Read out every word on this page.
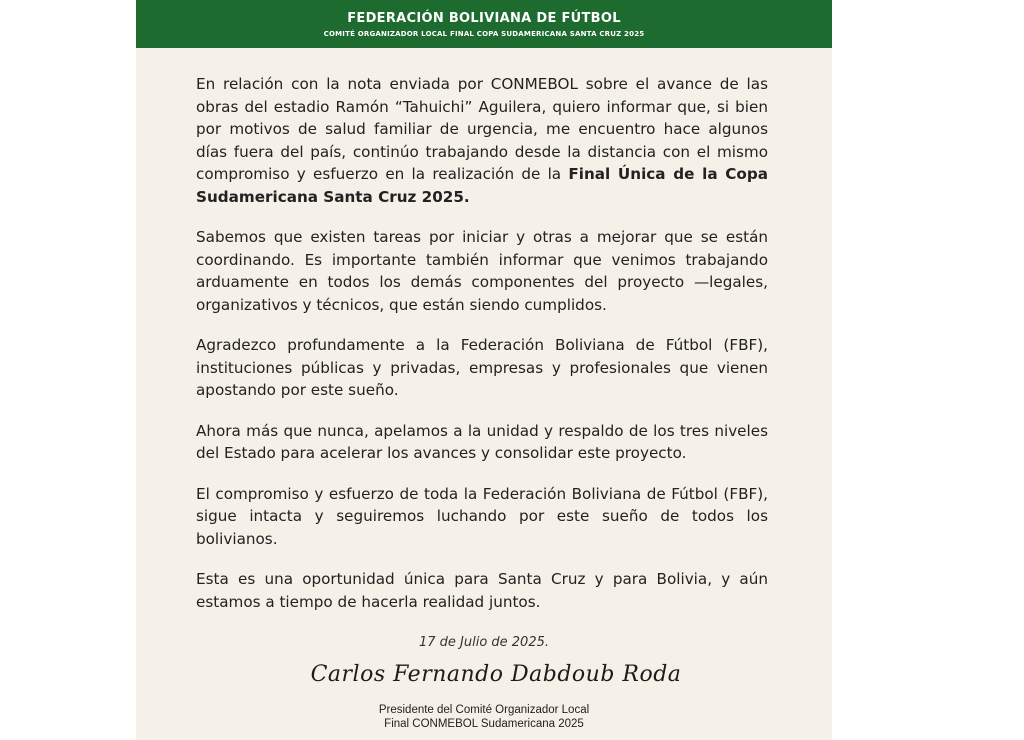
FEDERACIÓN BOLIVIANA DE FÚTBOL
COMITÉ ORGANIZADOR LOCAL FINAL COPA SUDAMERICANA SANTA CRUZ 2025

En relación con la nota enviada por CONMEBOL sobre el avance de las obras del estadio Ramón “Tahuichi” Aguilera, quiero informar que, si bien por motivos de salud familiar de urgencia, me encuentro hace algunos días fuera del país, continúo trabajando desde la distancia con el mismo compromiso y esfuerzo en la realización de la Final Única de la Copa Sudamericana Santa Cruz 2025.

Sabemos que existen tareas por iniciar y otras a mejorar que se están coordinando. Es importante también informar que venimos trabajando arduamente en todos los demás componentes del proyecto —legales, organizativos y técnicos, que están siendo cumplidos.

Agradezco profundamente a la Federación Boliviana de Fútbol (FBF), instituciones públicas y privadas, empresas y profesionales que vienen apostando por este sueño.

Ahora más que nunca, apelamos a la unidad y respaldo de los tres niveles del Estado para acelerar los avances y consolidar este proyecto.

El compromiso y esfuerzo de toda la Federación Boliviana de Fútbol (FBF), sigue intacta y seguiremos luchando por este sueño de todos los bolivianos.

Esta es una oportunidad única para Santa Cruz y para Bolivia, y aún estamos a tiempo de hacerla realidad juntos.

17 de Julio de 2025.
Carlos Fernando Dabdoub Roda
Presidente del Comité Organizador Local
Final CONMEBOL Sudamericana 2025
